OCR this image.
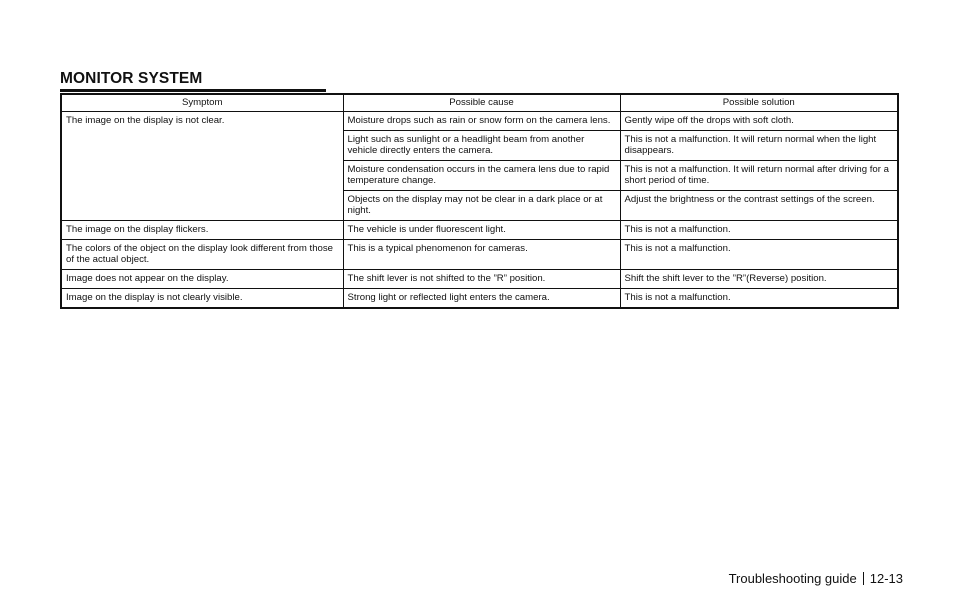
MONITOR SYSTEM
Symptom	Possible cause	Possible solution
The image on the display is not clear.	Moisture drops such as rain or snow form on the camera lens.	Gently wipe off the drops with soft cloth.
	Light such as sunlight or a headlight beam from another vehicle directly enters the camera.	This is not a malfunction. It will return normal when the light disappears.
	Moisture condensation occurs in the camera lens due to rapid temperature change.	This is not a malfunction. It will return normal after driving for a short period of time.
	Objects on the display may not be clear in a dark place or at night.	Adjust the brightness or the contrast settings of the screen.
The image on the display flickers.	The vehicle is under fluorescent light.	This is not a malfunction.
The colors of the object on the display look different from those of the actual object.	This is a typical phenomenon for cameras.	This is not a malfunction.
Image does not appear on the display.	The shift lever is not shifted to the ”R” position.	Shift the shift lever to the ”R”(Reverse) position.
Image on the display is not clearly visible.	Strong light or reflected light enters the camera.	This is not a malfunction.
Troubleshooting guide 12-13
